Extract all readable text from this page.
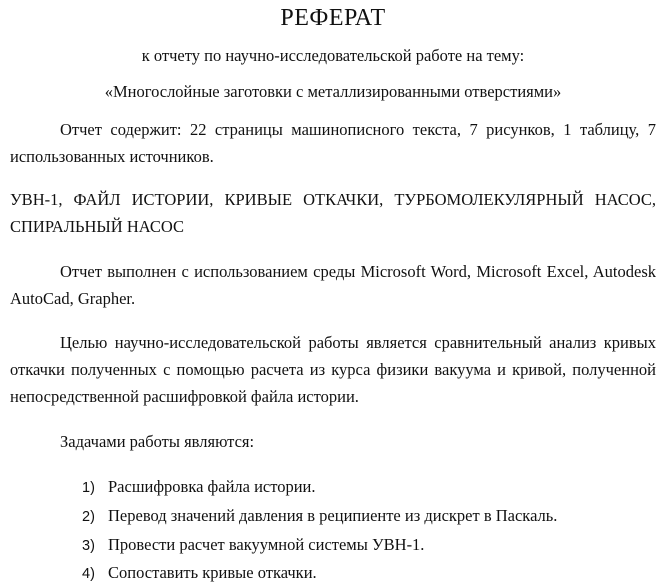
РЕФЕРАТ
к отчету по научно-исследовательской работе на тему:
«Многослойные заготовки с металлизированными отверстиями»
Отчет содержит: 22 страницы машинописного текста, 7 рисунков, 1 таблицу, 7
использованных источников.
УВН-1, ФАЙЛ ИСТОРИИ, КРИВЫЕ ОТКАЧКИ, ТУРБОМОЛЕКУЛЯРНЫЙ НАСОС,
СПИРАЛЬНЫЙ НАСОС
Отчет выполнен с использованием среды Microsoft Word, Microsoft Excel, Autodesk
AutoCad, Grapher.
Целью научно-исследовательской работы является сравнительный анализ кривых
откачки полученных с помощью расчета из курса физики вакуума и кривой, полученной
непосредственной расшифровкой файла истории.
Задачами работы являются:
1) Расшифровка файла истории.
2) Перевод значений давления в реципиенте из дискрет в Паскаль.
3) Провести расчет вакуумной системы УВН-1.
4) Сопоставить кривые откачки.
